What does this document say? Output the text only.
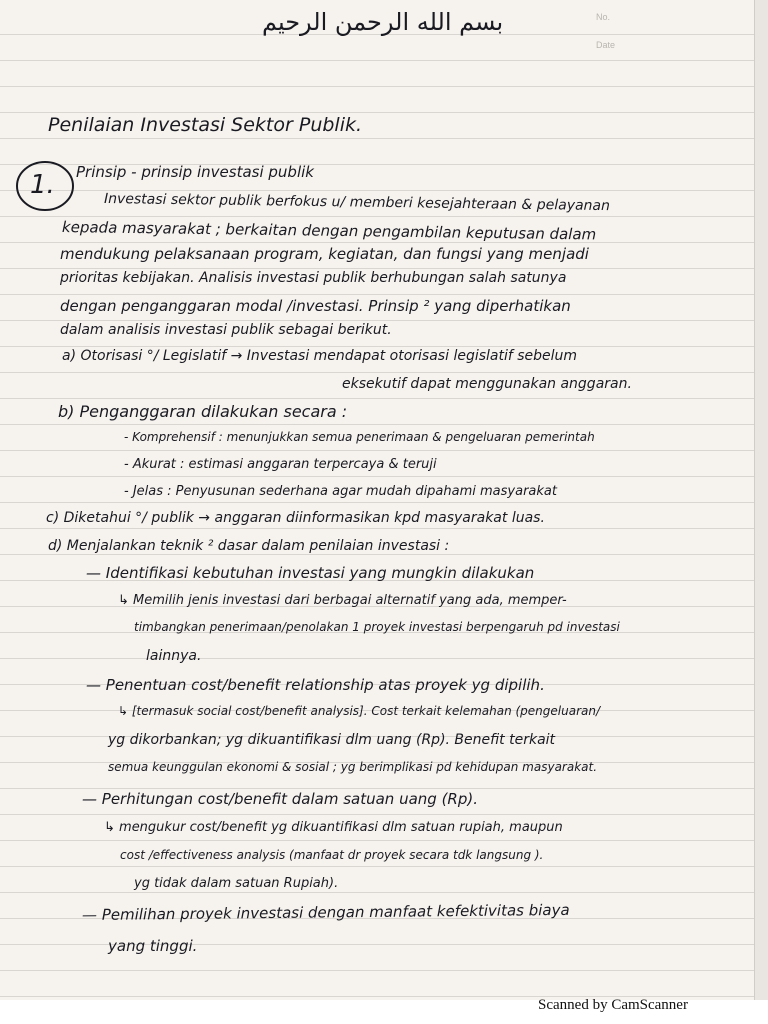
No.
Date
بسم الله الرحمن الرحيم
Penilaian Investasi Sektor Publik.
1. Prinsip - prinsip investasi publik
Investasi sektor publik berfokus u/ memberi kesejahteraan & pelayanan
kepada masyarakat ; berkaitan dengan pengambilan keputusan dalam
mendukung pelaksanaan program, kegiatan, dan fungsi yang menjadi
prioritas kebijakan. Analisis investasi publik berhubungan salah satunya
dengan penganggaran modal /investasi. Prinsip ² yang diperhatikan
dalam analisis investasi publik sebagai berikut.
a) Otorisasi °/ Legislatif → Investasi mendapat otorisasi legislatif sebelum
eksekutif dapat menggunakan anggaran.
b) Penganggaran dilakukan secara :
- Komprehensif : menunjukkan semua penerimaan & pengeluaran pemerintah
- Akurat : estimasi anggaran terpercaya & teruji
- Jelas : Penyusunan sederhana agar mudah dipahami masyarakat
c) Diketahui °/ publik → anggaran diinformasikan kpd masyarakat luas.
d) Menjalankan teknik ² dasar dalam penilaian investasi :
— Identifikasi kebutuhan investasi yang mungkin dilakukan
↳ Memilih jenis investasi dari berbagai alternatif yang ada, memper-
timbangkan penerimaan/penolakan 1 proyek investasi berpengaruh pd investasi
lainnya.
— Penentuan cost/benefit relationship atas proyek yg dipilih.
↳ [termasuk social cost/benefit analysis]. Cost terkait kelemahan (pengeluaran/
yg dikorbankan; yg dikuantifikasi dlm uang (Rp). Benefit terkait
semua keunggulan ekonomi & sosial ; yg berimplikasi pd kehidupan masyarakat.
— Perhitungan cost/benefit dalam satuan uang (Rp).
↳ mengukur cost/benefit yg dikuantifikasi dlm satuan rupiah, maupun
cost /effectiveness analysis (manfaat dr proyek secara tdk langsung ).
yg tidak dalam satuan Rupiah).
— Pemilihan proyek investasi dengan manfaat kefektivitas biaya
yang tinggi.
Scanned by CamScanner
